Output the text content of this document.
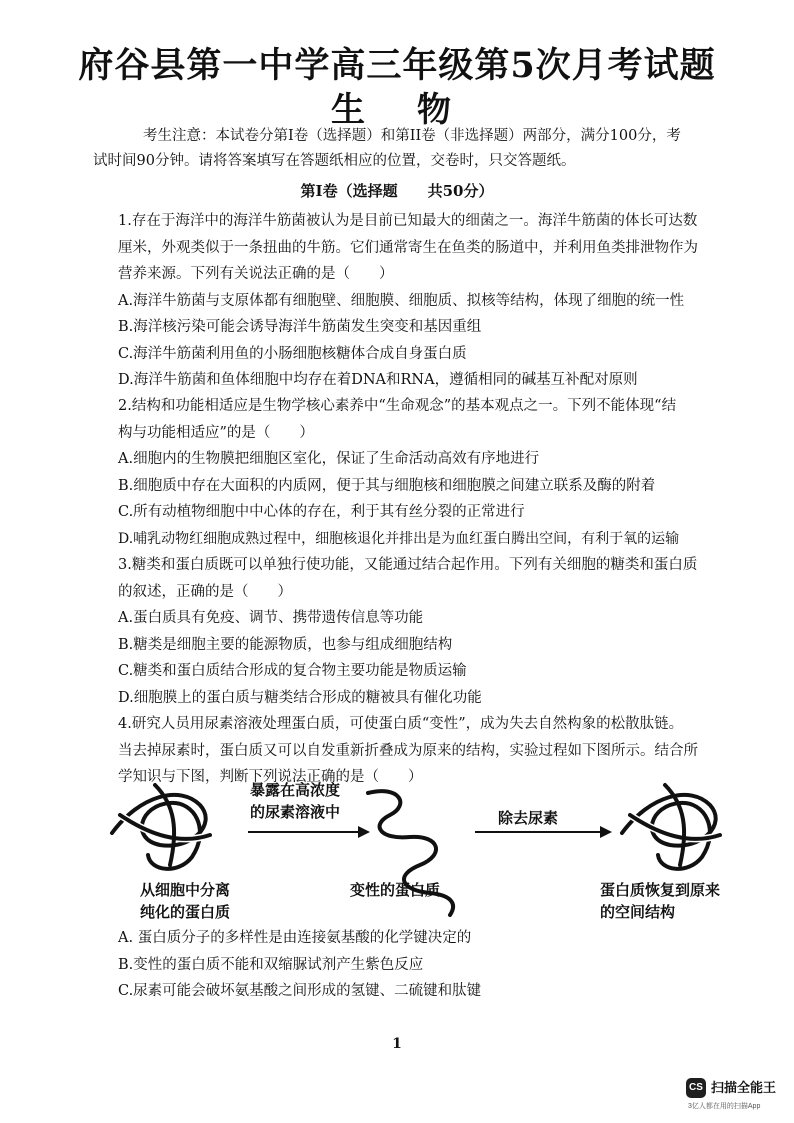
府谷县第一中学高三年级第5次月考试题
生物

考生注意：本试卷分第I卷（选择题）和第II卷（非选择题）两部分，满分100分，考

试时间90分钟。请将答案填写在答题纸相应的位置，交卷时，只交答题纸。

第I卷（选择题　　共50分）

1.存在于海洋中的海洋牛筋菌被认为是目前已知最大的细菌之一。海洋牛筋菌的体长可达数

厘米，外观类似于一条扭曲的牛筋。它们通常寄生在鱼类的肠道中，并利用鱼类排泄物作为

营养来源。下列有关说法正确的是（　　）

A.海洋牛筋菌与支原体都有细胞壁、细胞膜、细胞质、拟核等结构，体现了细胞的统一性

B.海洋核污染可能会诱导海洋牛筋菌发生突变和基因重组

C.海洋牛筋菌利用鱼的小肠细胞核糖体合成自身蛋白质

D.海洋牛筋菌和鱼体细胞中均存在着DNA和RNA，遵循相同的碱基互补配对原则

2.结构和功能相适应是生物学核心素养中“生命观念”的基本观点之一。下列不能体现“结

构与功能相适应”的是（　　）

A.细胞内的生物膜把细胞区室化，保证了生命活动高效有序地进行

B.细胞质中存在大面积的内质网，便于其与细胞核和细胞膜之间建立联系及酶的附着

C.所有动植物细胞中中心体的存在，利于其有丝分裂的正常进行

D.哺乳动物红细胞成熟过程中，细胞核退化并排出是为血红蛋白腾出空间，有利于氧的运输

3.糖类和蛋白质既可以单独行使功能，又能通过结合起作用。下列有关细胞的糖类和蛋白质

的叙述，正确的是（　　）

A.蛋白质具有免疫、调节、携带遗传信息等功能

B.糖类是细胞主要的能源物质，也参与组成细胞结构

C.糖类和蛋白质结合形成的复合物主要功能是物质运输

D.细胞膜上的蛋白质与糖类结合形成的糖被具有催化功能

4.研究人员用尿素溶液处理蛋白质，可使蛋白质“变性”，成为失去自然构象的松散肽链。

当去掉尿素时，蛋白质又可以自发重新折叠成为原来的结构，实验过程如下图所示。结合所

学知识与下图，判断下列说法正确的是（　　）

暴露在高浓度
的尿素溶液中	除去尿素
从细胞中分离
纯化的蛋白质
变性的蛋白质	蛋白质恢复到原来
的空间结构

A. 蛋白质分子的多样性是由连接氨基酸的化学键决定的

B.变性的蛋白质不能和双缩脲试剂产生紫色反应

C.尿素可能会破坏氨基酸之间形成的氢键、二硫键和肽键

1
CS 扫描全能王
3亿人都在用的扫描App
